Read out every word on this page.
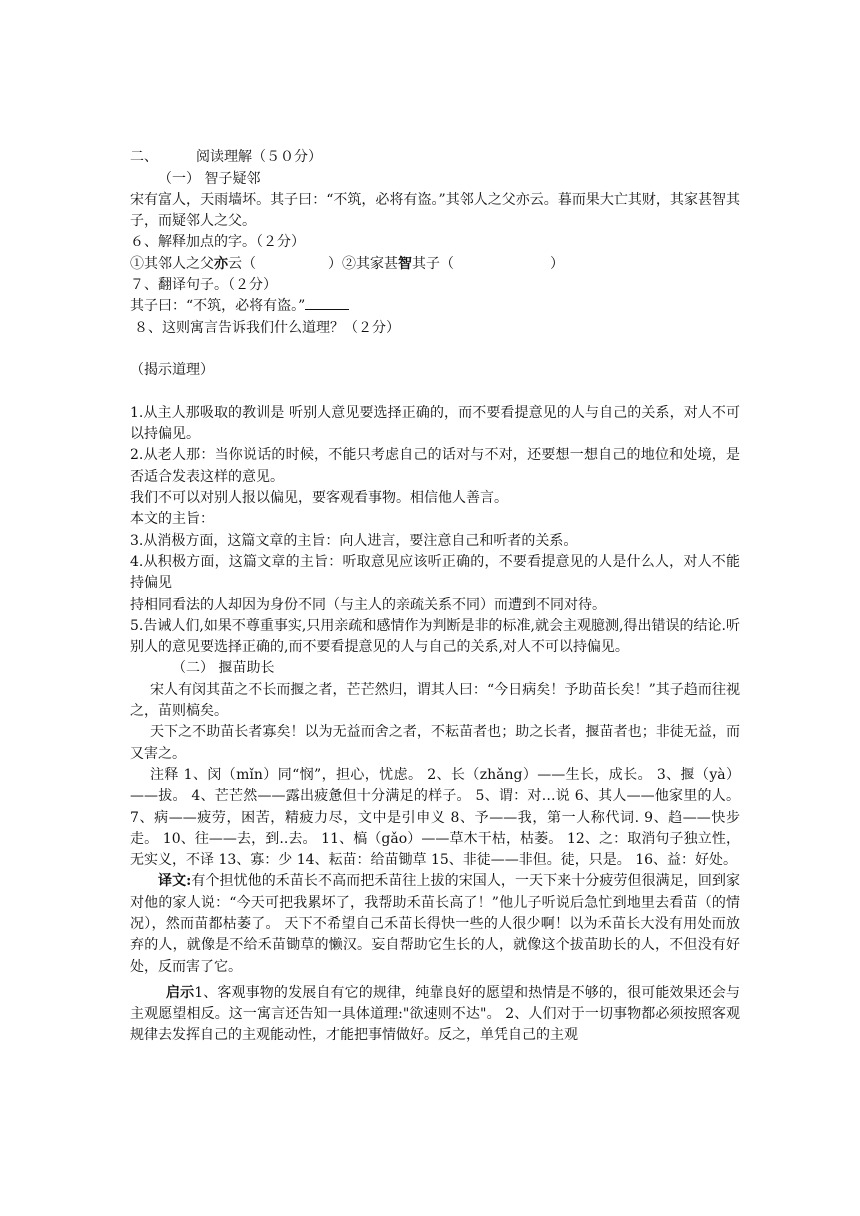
二、	阅读理解（５０分）
（一） 智子疑邻
宋有富人，天雨墙坏。其子曰：“不筑，必将有盗。”其邻人之父亦云。暮而果大亡其财，其家甚智其子，而疑邻人之父。
６、解释加点的字。（２分）
①其邻人之父亦云（	）②其家甚智其子（	）
７、翻译句子。（２分）
其子曰：“不筑，必将有盗。”
８、这则寓言告诉我们什么道理？（２分）
（揭示道理）
1.从主人那吸取的教训是 听别人意见要选择正确的，而不要看提意见的人与自己的关系，对人不可以持偏见。
2.从老人那：当你说话的时候，不能只考虑自己的话对与不对，还要想一想自己的地位和处境，是否适合发表这样的意见。
我们不可以对别人报以偏见，要客观看事物。相信他人善言。
本文的主旨：
3.从消极方面，这篇文章的主旨：向人进言，要注意自己和听者的关系。
4.从积极方面，这篇文章的主旨：听取意见应该听正确的，不要看提意见的人是什么人，对人不能持偏见
持相同看法的人却因为身份不同（与主人的亲疏关系不同）而遭到不同对待。
5.告诫人们,如果不尊重事实,只用亲疏和感情作为判断是非的标准,就会主观臆测,得出错误的结论.听别人的意见要选择正确的,而不要看提意见的人与自己的关系,对人不可以持偏见。
（二） 揠苗助长
宋人有闵其苗之不长而揠之者，芒芒然归，谓其人曰：“今日病矣！予助苗长矣！”其子趋而往视之，苗则槁矣。
天下之不助苗长者寡矣！以为无益而舍之者，不耘苗者也；助之长者，揠苗者也；非徒无益，而又害之。
注释 1、闵（mǐn）同“悯”，担心，忧虑。 2、长（zhǎng）——生长，成长。 3、揠（yà）——拔。 4、芒芒然——露出疲惫但十分满足的样子。 5、谓：对…说 6、其人——他家里的人。 7、病——疲劳，困苦，精疲力尽，文中是引申义 8、予——我，第一人称代词. 9、趋——快步走。 10、往——去，到..去。 11、槁（gǎo）——草木干枯，枯萎。 12、之：取消句子独立性，无实义，不译 13、寡：少 14、耘苗：给苗锄草 15、非徒——非但。徒，只是。 16、益：好处。
译文:有个担忧他的禾苗长不高而把禾苗往上拔的宋国人，一天下来十分疲劳但很满足，回到家对他的家人说：“今天可把我累坏了，我帮助禾苗长高了！”他儿子听说后急忙到地里去看苗（的情况），然而苗都枯萎了。 天下不希望自己禾苗长得快一些的人很少啊！以为禾苗长大没有用处而放弃的人，就像是不给禾苗锄草的懒汉。妄自帮助它生长的人，就像这个拔苗助长的人，不但没有好处，反而害了它。
启示1、客观事物的发展自有它的规律，纯靠良好的愿望和热情是不够的，很可能效果还会与主观愿望相反。这一寓言还告知一具体道理:"欲速则不达"。 2、人们对于一切事物都必须按照客观规律去发挥自己的主观能动性，才能把事情做好。反之，单凭自己的主观
